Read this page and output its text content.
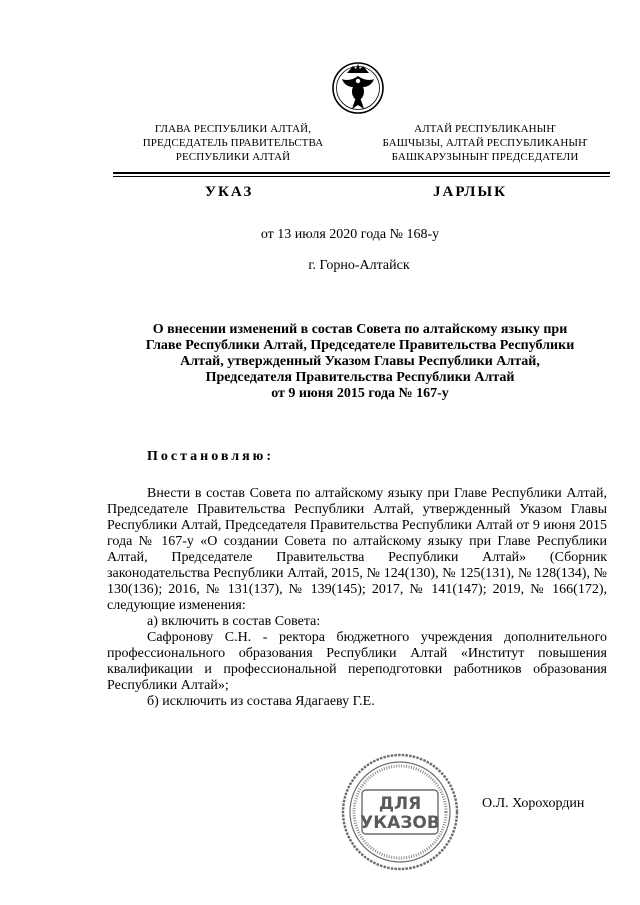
ГЛАВА РЕСПУБЛИКИ АЛТАЙ,
ПРЕДСЕДАТЕЛЬ ПРАВИТЕЛЬСТВА
РЕСПУБЛИКИ АЛТАЙ
АЛТАЙ РЕСПУБЛИКАНЫҤ
БАШЧЫЗЫ, АЛТАЙ РЕСПУБЛИКАНЫҤ
БАШКАРУЗЫНЫҤ ПРЕДСЕДАТЕЛИ
УКАЗ	ЈАРЛЫК
от 13 июля 2020 года № 168-у
г. Горно-Алтайск
О внесении изменений в состав Совета по алтайскому языку при
Главе Республики Алтай, Председателе Правительства Республики
Алтай, утвержденный Указом Главы Республики Алтай,
Председателя Правительства Республики Алтай
от 9 июня 2015 года № 167-у
Постановляю:

Внести в состав Совета по алтайскому языку при Главе Республики Алтай, Председателе Правительства Республики Алтай, утвержденный Указом Главы Республики Алтай, Председателя Правительства Республики Алтай от 9 июня 2015 года № 167-у «О создании Совета по алтайскому языку при Главе Республики Алтай, Председателе Правительства Республики Алтай» (Сборник законодательства Республики Алтай, 2015, № 124(130), № 125(131), № 128(134), № 130(136); 2016, № 131(137), № 139(145); 2017, № 141(147); 2019, № 166(172), следующие изменения:

а) включить в состав Совета:

Сафронову С.Н. - ректора бюджетного учреждения дополнительного профессионального образования Республики Алтай «Институт повышения квалификации и профессиональной переподготовки работников образования Республики Алтай»;

б) исключить из состава Ядагаеву Г.Е.

ДЛЯ
УКАЗОВ
О.Л. Хорохордин
